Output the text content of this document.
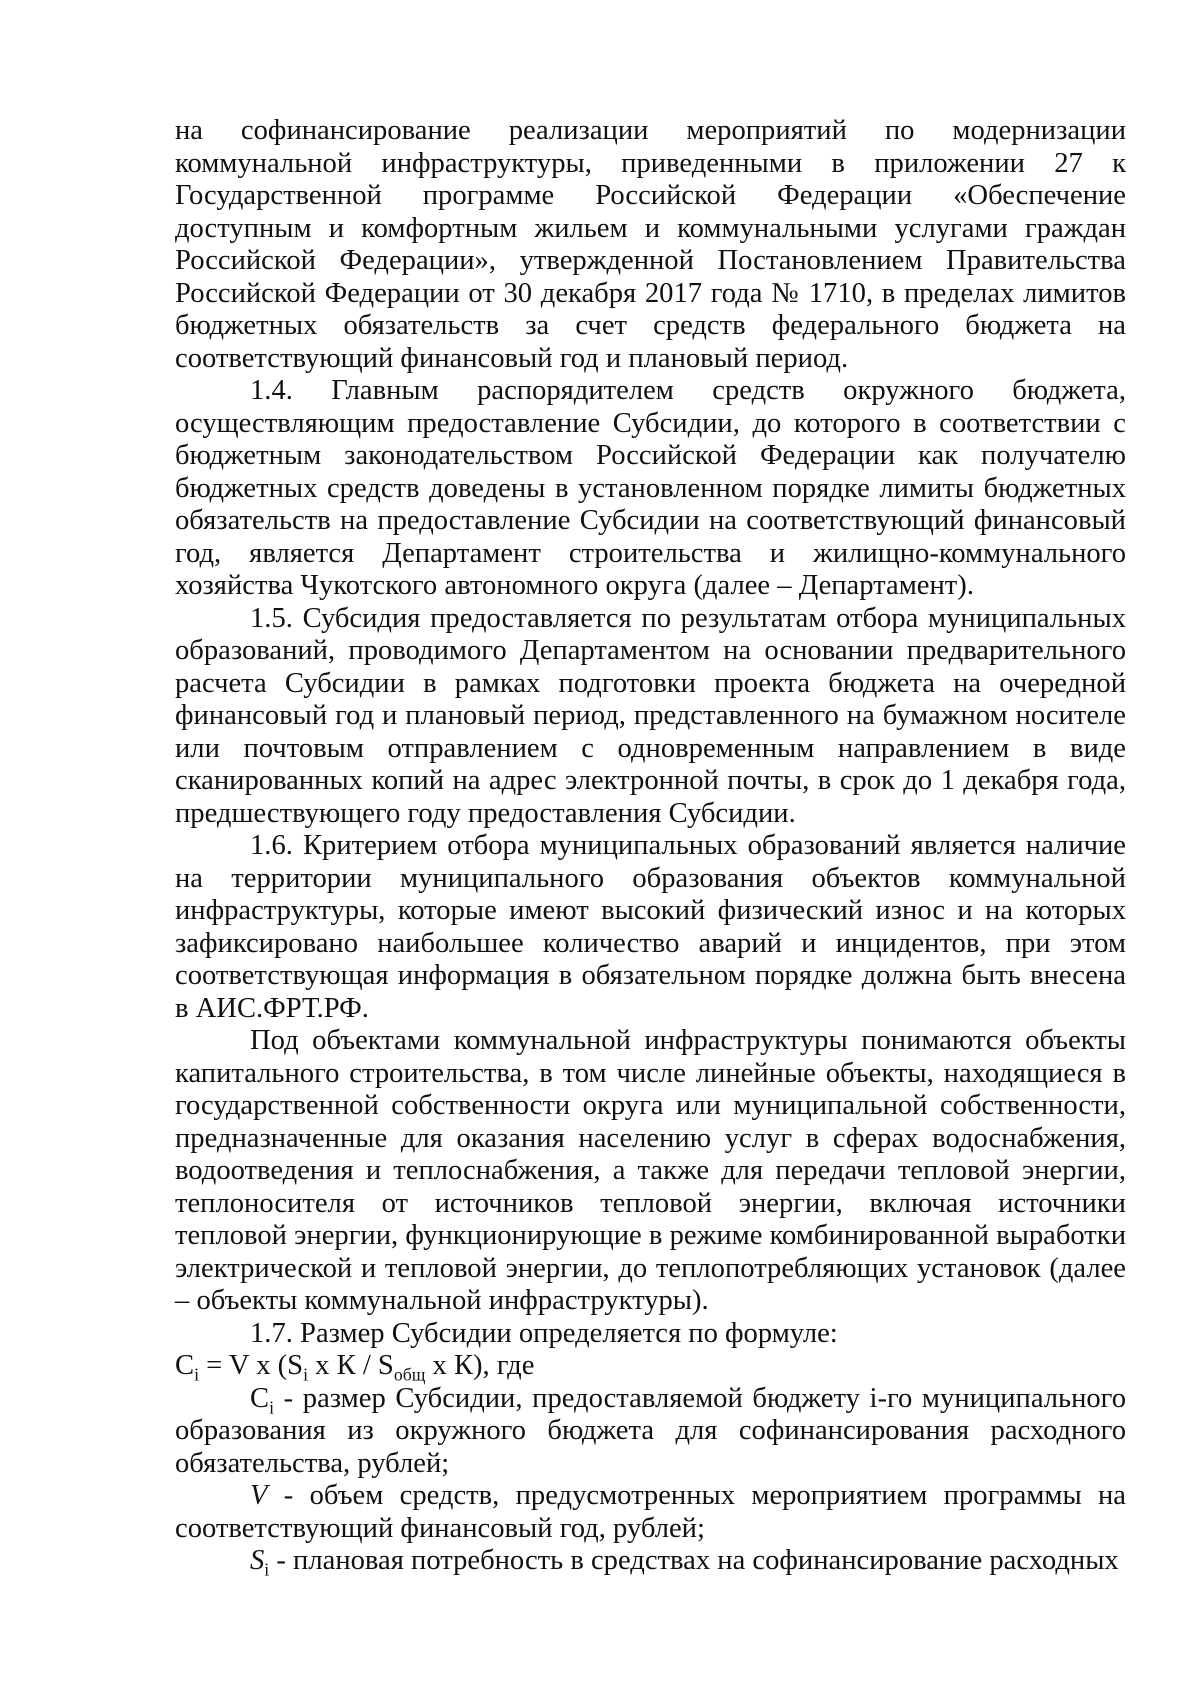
на софинансирование реализации мероприятий по модернизации коммунальной инфраструктуры, приведенными в приложении 27 к Государственной программе Российской Федерации «Обеспечение доступным и комфортным жильем и коммунальными услугами граждан Российской Федерации», утвержденной Постановлением Правительства Российской Федерации от 30 декабря 2017 года № 1710, в пределах лимитов бюджетных обязательств за счет средств федерального бюджета на соответствующий финансовый год и плановый период.

1.4. Главным распорядителем средств окружного бюджета, осуществляющим предоставление Субсидии, до которого в соответствии с бюджетным законодательством Российской Федерации как получателю бюджетных средств доведены в установленном порядке лимиты бюджетных обязательств на предоставление Субсидии на соответствующий финансовый год, является Департамент строительства и жилищно-коммунального хозяйства Чукотского автономного округа (далее – Департамент).

1.5. Субсидия предоставляется по результатам отбора муниципальных образований, проводимого Департаментом на основании предварительного расчета Субсидии в рамках подготовки проекта бюджета на очередной финансовый год и плановый период, представленного на бумажном носителе или почтовым отправлением с одновременным направлением в виде сканированных копий на адрес электронной почты, в срок до 1 декабря года, предшествующего году предоставления Субсидии.

1.6. Критерием отбора муниципальных образований является наличие на территории муниципального образования объектов коммунальной инфраструктуры, которые имеют высокий физический износ и на которых зафиксировано наибольшее количество аварий и инцидентов, при этом соответствующая информация в обязательном порядке должна быть внесена в АИС.ФРТ.РФ.

Под объектами коммунальной инфраструктуры понимаются объекты капитального строительства, в том числе линейные объекты, находящиеся в государственной собственности округа или муниципальной собственности, предназначенные для оказания населению услуг в сферах водоснабжения, водоотведения и теплоснабжения, а также для передачи тепловой энергии, теплоносителя от источников тепловой энергии, включая источники тепловой энергии, функционирующие в режиме комбинированной выработки электрической и тепловой энергии, до теплопотребляющих установок (далее – объекты коммунальной инфраструктуры).

1.7. Размер Субсидии определяется по формуле:

$C_i = V$ x ($S_i$ x К / $S_{общ}$ x К), где

$С_i$ - размер Субсидии, предоставляемой бюджету i-го муниципального образования из окружного бюджета для софинансирования расходного обязательства, рублей;

V - объем средств, предусмотренных мероприятием программы на соответствующий финансовый год, рублей;

$S_i$ - плановая потребность в средствах на софинансирование расходных
